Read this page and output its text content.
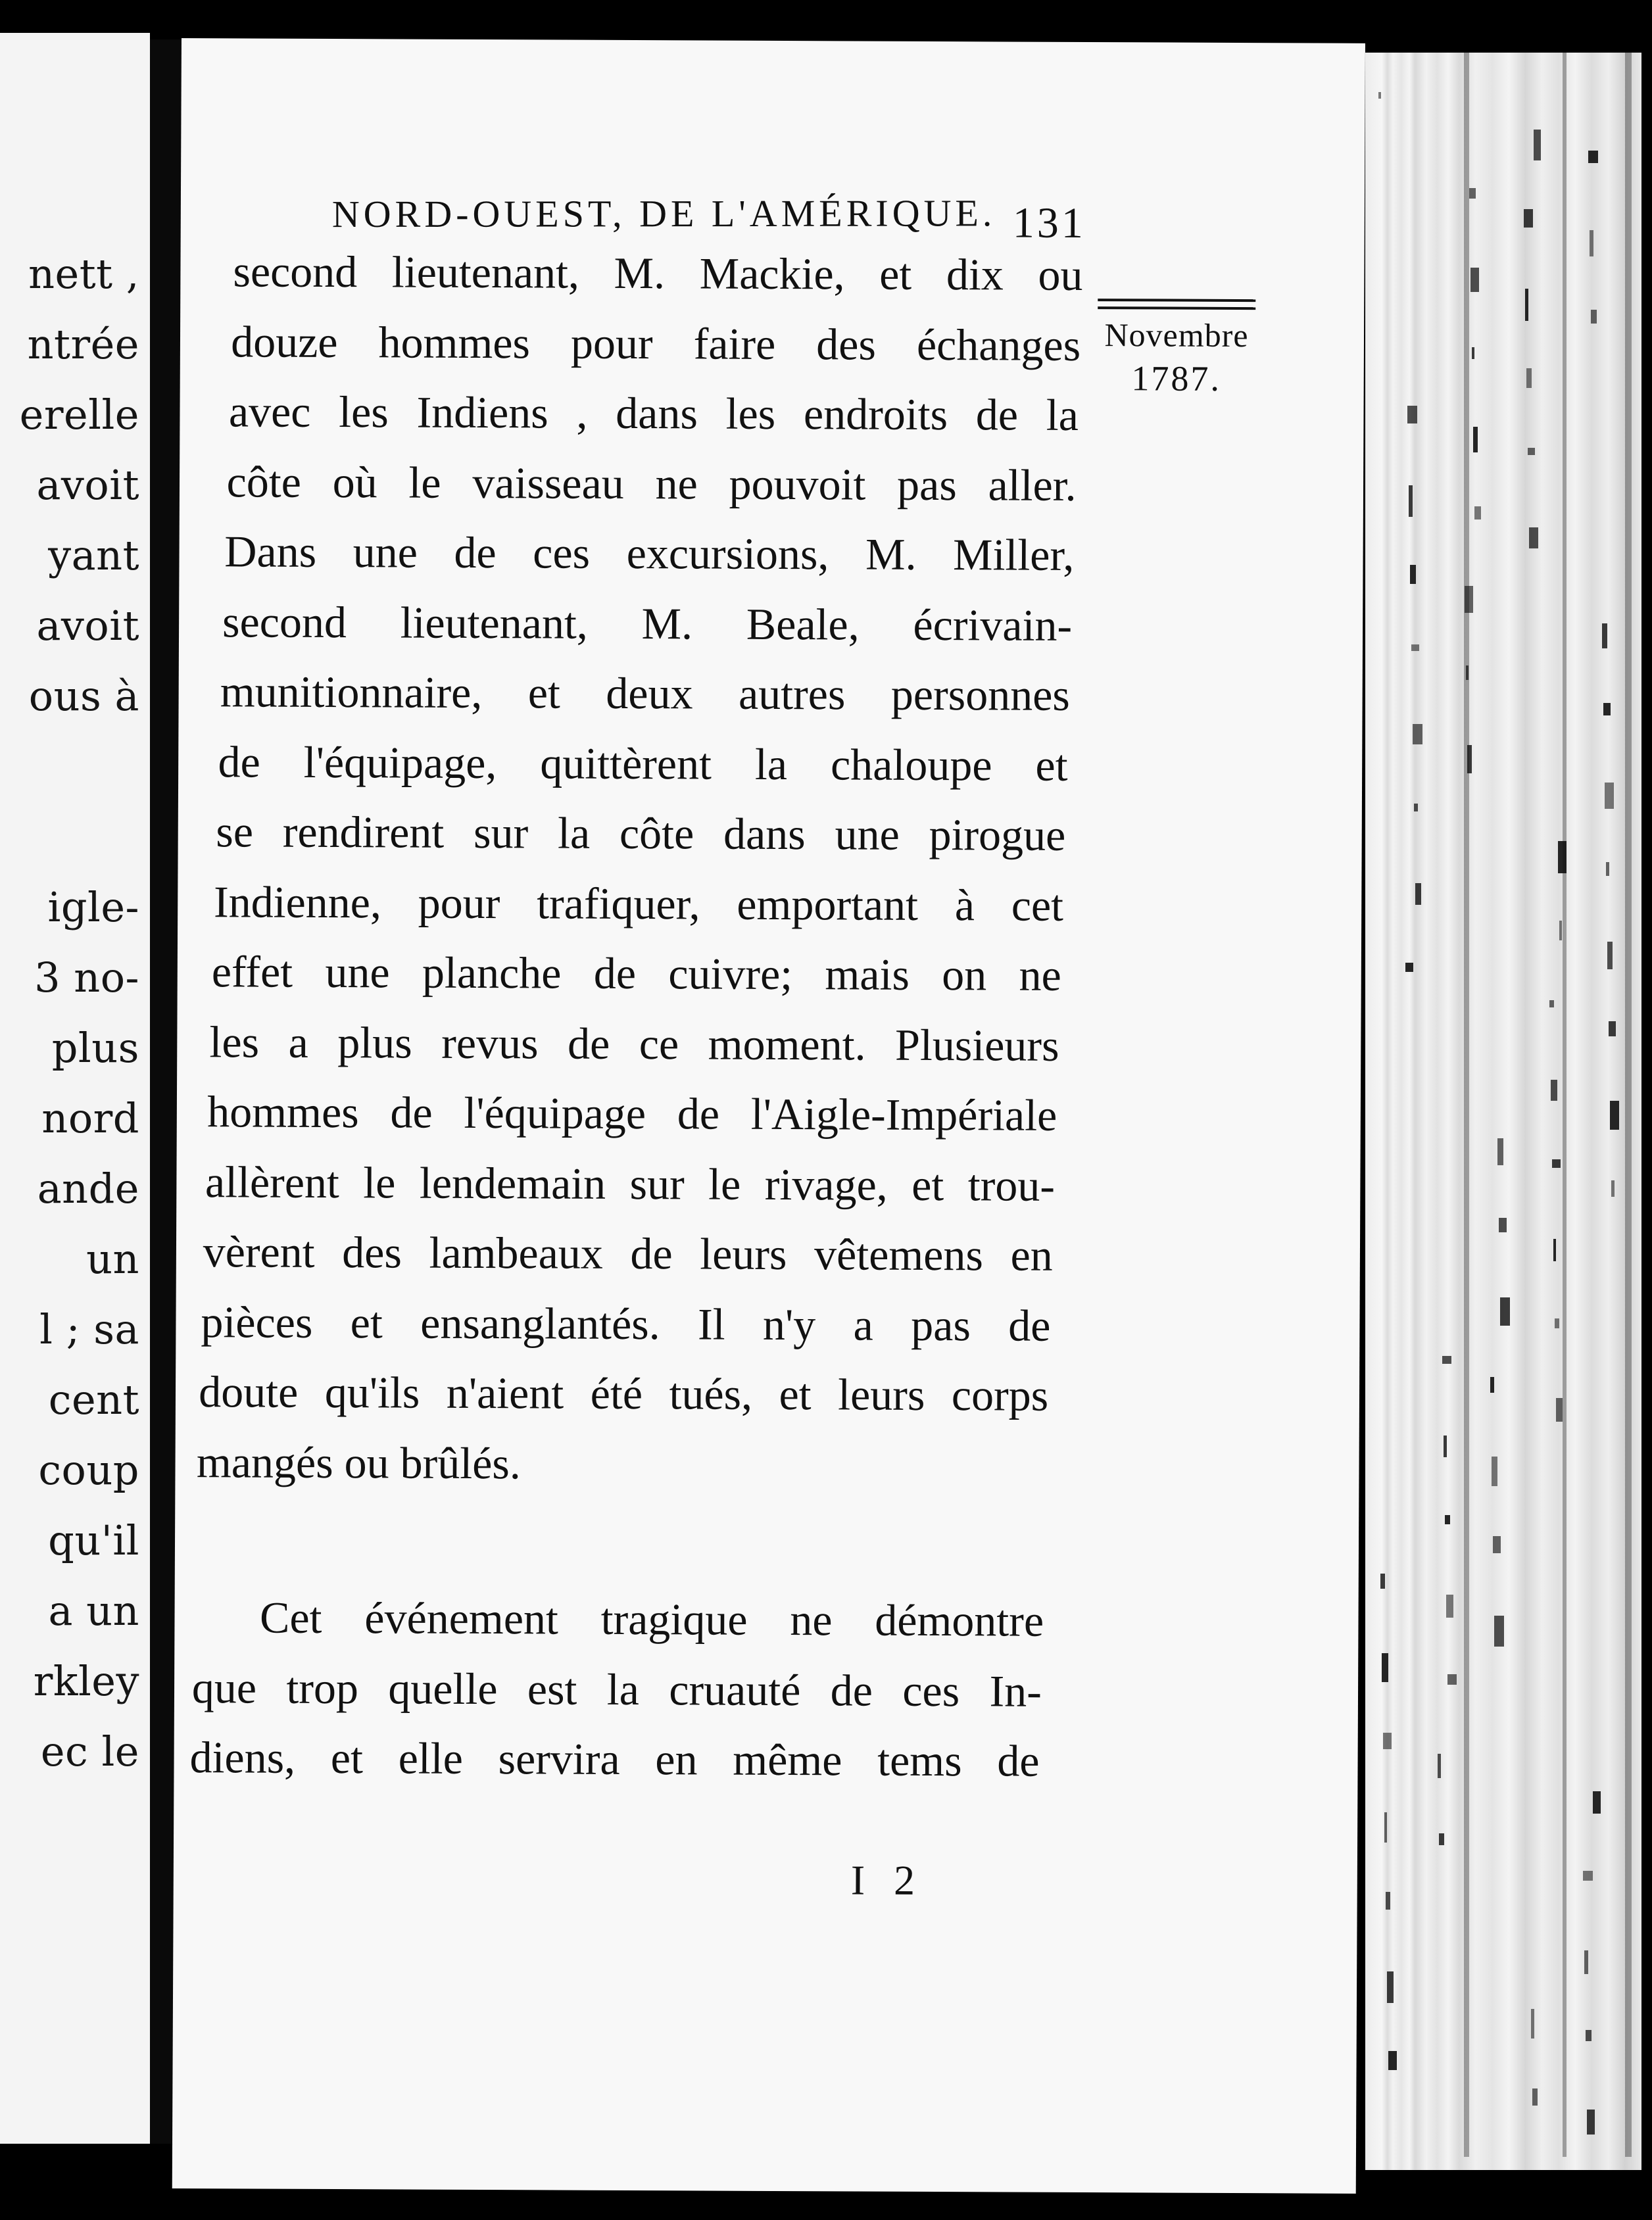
nett ,
ntrée
erelle
avoit
yant
avoit
ous à
igle-
3 no-
plus
nord
ande
un
l ; sa
cent
coup
qu'il
a un
rkley
ec le
NORD-OUEST, DE L'AMÉRIQUE. 131
Novembre
1787.
second lieutenant, M. Mackie, et dix ou
douze hommes pour faire des échanges
avec les Indiens , dans les endroits de la
côte où le vaisseau ne pouvoit pas aller.
Dans une de ces excursions, M. Miller,
second lieutenant, M. Beale, écrivain-
munitionnaire, et deux autres personnes
de l'équipage, quittèrent la chaloupe et
se rendirent sur la côte dans une pirogue
Indienne, pour trafiquer, emportant à cet
effet une planche de cuivre; mais on ne
les a plus revus de ce moment. Plusieurs
hommes de l'équipage de l'Aigle-Impériale
allèrent le lendemain sur le rivage, et trou-
vèrent des lambeaux de leurs vêtemens en
pièces et ensanglantés. Il n'y a pas de
doute qu'ils n'aient été tués, et leurs corps
mangés ou brûlés.
Cet événement tragique ne démontre
que trop quelle est la cruauté de ces In-
diens, et elle servira en même tems de
I 2
